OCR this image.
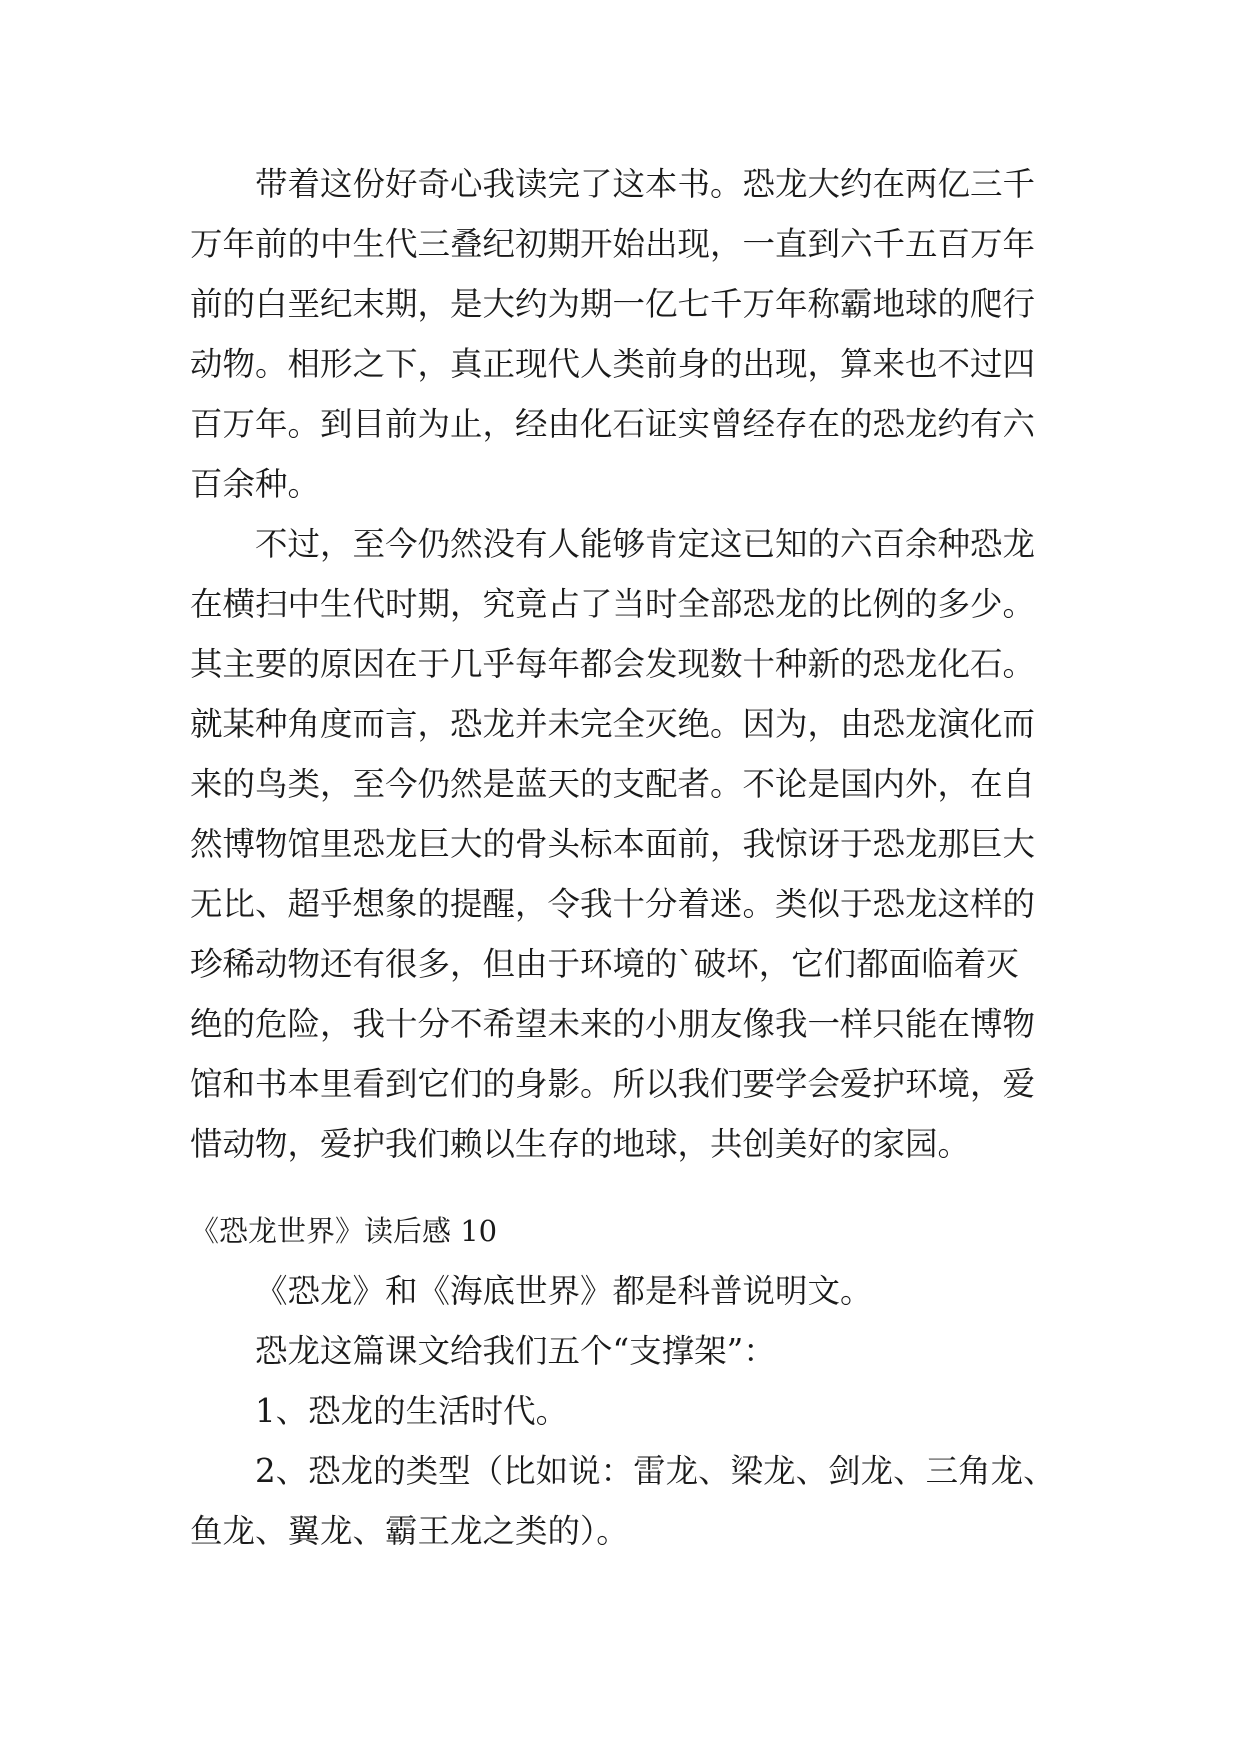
带着这份好奇心我读完了这本书。恐龙大约在两亿三千
万年前的中生代三叠纪初期开始出现，一直到六千五百万年
前的白垩纪末期，是大约为期一亿七千万年称霸地球的爬行
动物。相形之下，真正现代人类前身的出现，算来也不过四
百万年。到目前为止，经由化石证实曾经存在的恐龙约有六
百余种。

不过，至今仍然没有人能够肯定这已知的六百余种恐龙
在横扫中生代时期，究竟占了当时全部恐龙的比例的多少。
其主要的原因在于几乎每年都会发现数十种新的恐龙化石。
就某种角度而言，恐龙并未完全灭绝。因为，由恐龙演化而
来的鸟类，至今仍然是蓝天的支配者。不论是国内外，在自
然博物馆里恐龙巨大的骨头标本面前，我惊讶于恐龙那巨大
无比、超乎想象的提醒，令我十分着迷。类似于恐龙这样的
珍稀动物还有很多，但由于环境的`破坏，它们都面临着灭
绝的危险，我十分不希望未来的小朋友像我一样只能在博物
馆和书本里看到它们的身影。所以我们要学会爱护环境，爱
惜动物，爱护我们赖以生存的地球，共创美好的家园。

《恐龙世界》读后感 10
《恐龙》和《海底世界》都是科普说明文。
恐龙这篇课文给我们五个“支撑架”：
1、恐龙的生活时代。
2、恐龙的类型（比如说：雷龙、梁龙、剑龙、三角龙、
鱼龙、翼龙、霸王龙之类的）。
